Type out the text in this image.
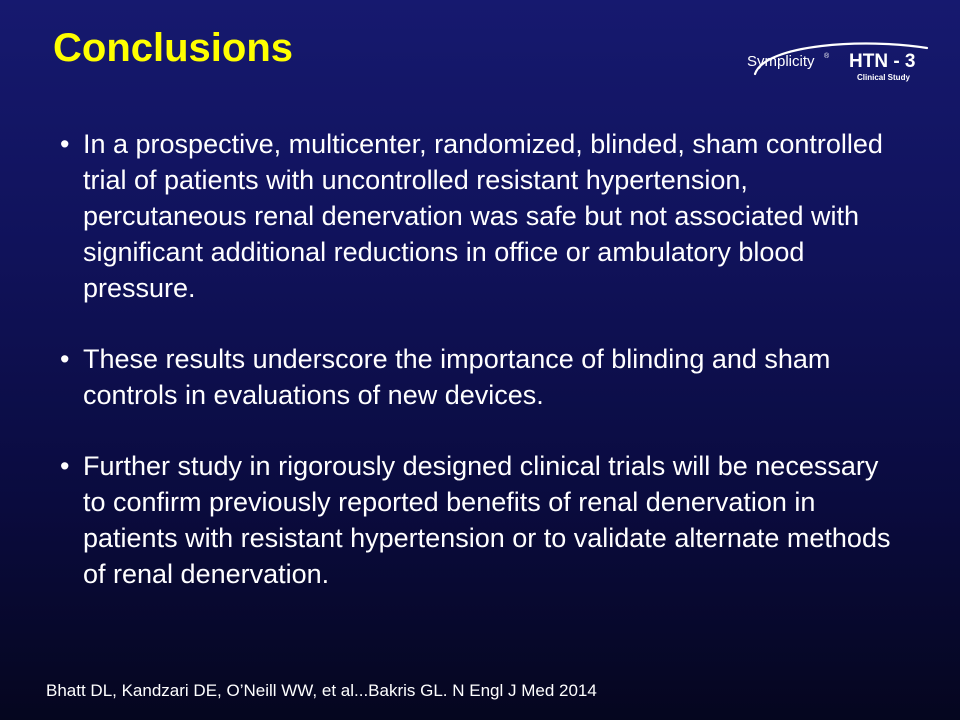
Conclusions	Symplicity ® HTN - 3
Clinical Study
• In a prospective, multicenter, randomized, blinded, sham controlled trial of patients with uncontrolled resistant hypertension, percutaneous renal denervation was safe but not associated with significant additional reductions in office or ambulatory blood pressure.
• These results underscore the importance of blinding and sham controls in evaluations of new devices.
• Further study in rigorously designed clinical trials will be necessary to confirm previously reported benefits of renal denervation in patients with resistant hypertension or to validate alternate methods of renal denervation.

Bhatt DL, Kandzari DE, O’Neill WW, et al...Bakris GL. N Engl J Med 2014
